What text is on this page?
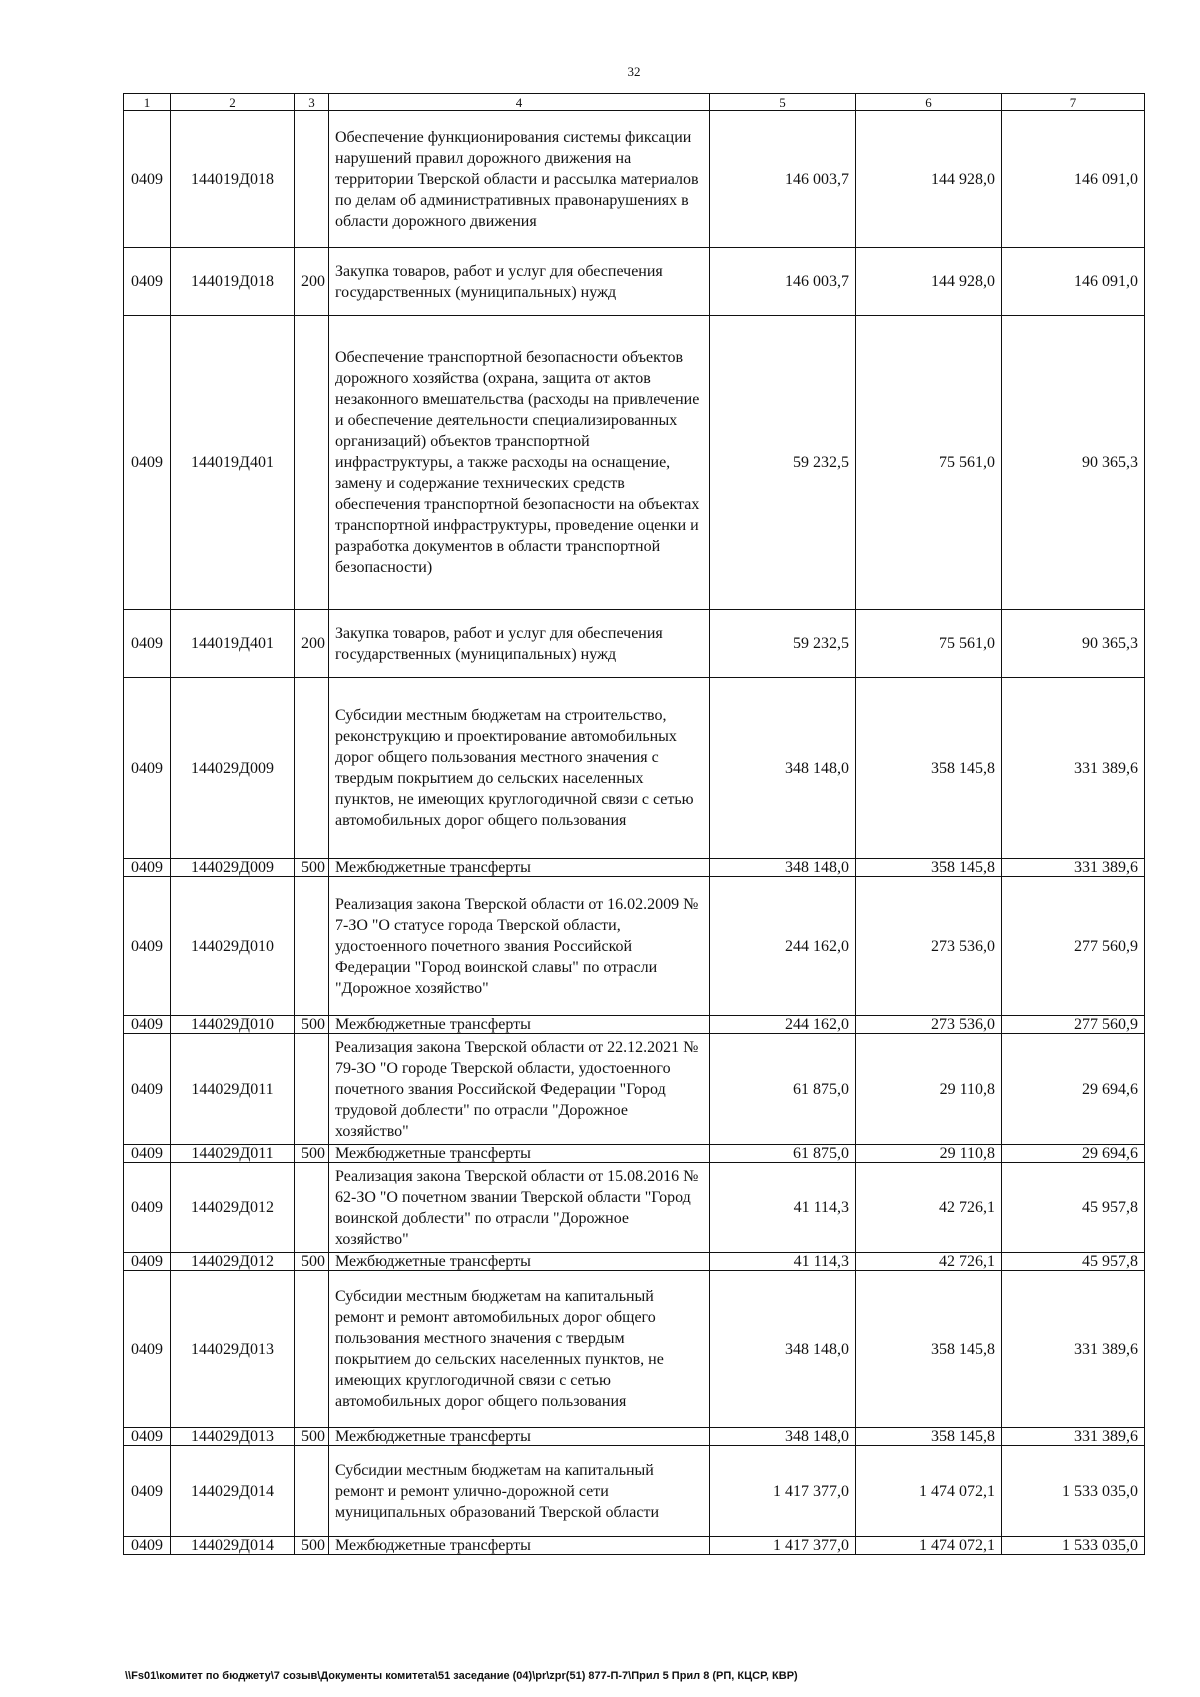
32
1	2	3	4	5	6	7
0409	144019Д018		Обеспечение функционирования системы фиксации нарушений правил дорожного движения на территории Тверской области и рассылка материалов по делам об административных правонарушениях в области дорожного движения	146 003,7	144 928,0	146 091,0
0409	144019Д018	200	Закупка товаров, работ и услуг для обеспечения государственных (муниципальных) нужд	146 003,7	144 928,0	146 091,0
0409	144019Д401		Обеспечение транспортной безопасности объектов дорожного хозяйства (охрана, защита от актов незаконного вмешательства (расходы на привлечение и обеспечение деятельности специализированных организаций) объектов транспортной инфраструктуры, а также расходы на оснащение, замену и содержание технических средств обеспечения транспортной безопасности на объектах транспортной инфраструктуры, проведение оценки и разработка документов в области транспортной безопасности)	59 232,5	75 561,0	90 365,3
0409	144019Д401	200	Закупка товаров, работ и услуг для обеспечения государственных (муниципальных) нужд	59 232,5	75 561,0	90 365,3
0409	144029Д009		Субсидии местным бюджетам на строительство, реконструкцию и проектирование автомобильных дорог общего пользования местного значения с твердым покрытием до сельских населенных пунктов, не имеющих круглогодичной связи с сетью автомобильных дорог общего пользования	348 148,0	358 145,8	331 389,6
0409	144029Д009	500	Межбюджетные трансферты	348 148,0	358 145,8	331 389,6
0409	144029Д010		Реализация закона Тверской области от 16.02.2009 № 7-ЗО "О статусе города Тверской области, удостоенного почетного звания Российской Федерации "Город воинской славы" по отрасли "Дорожное хозяйство"	244 162,0	273 536,0	277 560,9
0409	144029Д010	500	Межбюджетные трансферты	244 162,0	273 536,0	277 560,9
0409	144029Д011		Реализация закона Тверской области от 22.12.2021 № 79-ЗО "О городе Тверской области, удостоенного почетного звания Российской Федерации "Город трудовой доблести" по отрасли "Дорожное хозяйство"	61 875,0	29 110,8	29 694,6
0409	144029Д011	500	Межбюджетные трансферты	61 875,0	29 110,8	29 694,6
0409	144029Д012		Реализация закона Тверской области от 15.08.2016 № 62-ЗО "О почетном звании Тверской области "Город воинской доблести" по отрасли "Дорожное хозяйство"	41 114,3	42 726,1	45 957,8
0409	144029Д012	500	Межбюджетные трансферты	41 114,3	42 726,1	45 957,8
0409	144029Д013		Субсидии местным бюджетам на капитальный ремонт и ремонт автомобильных дорог общего пользования местного значения с твердым покрытием до сельских населенных пунктов, не имеющих круглогодичной связи с сетью автомобильных дорог общего пользования	348 148,0	358 145,8	331 389,6
0409	144029Д013	500	Межбюджетные трансферты	348 148,0	358 145,8	331 389,6
0409	144029Д014		Субсидии местным бюджетам на капитальный ремонт и ремонт улично-дорожной сети муниципальных образований Тверской области	1 417 377,0	1 474 072,1	1 533 035,0
0409	144029Д014	500	Межбюджетные трансферты	1 417 377,0	1 474 072,1	1 533 035,0
\\Fs01\комитет по бюджету\7 созыв\Документы комитета\51 заседание (04)\pr\zpr(51) 877-П-7\Прил 5 Прил 8 (РП, КЦСР, КВР)
